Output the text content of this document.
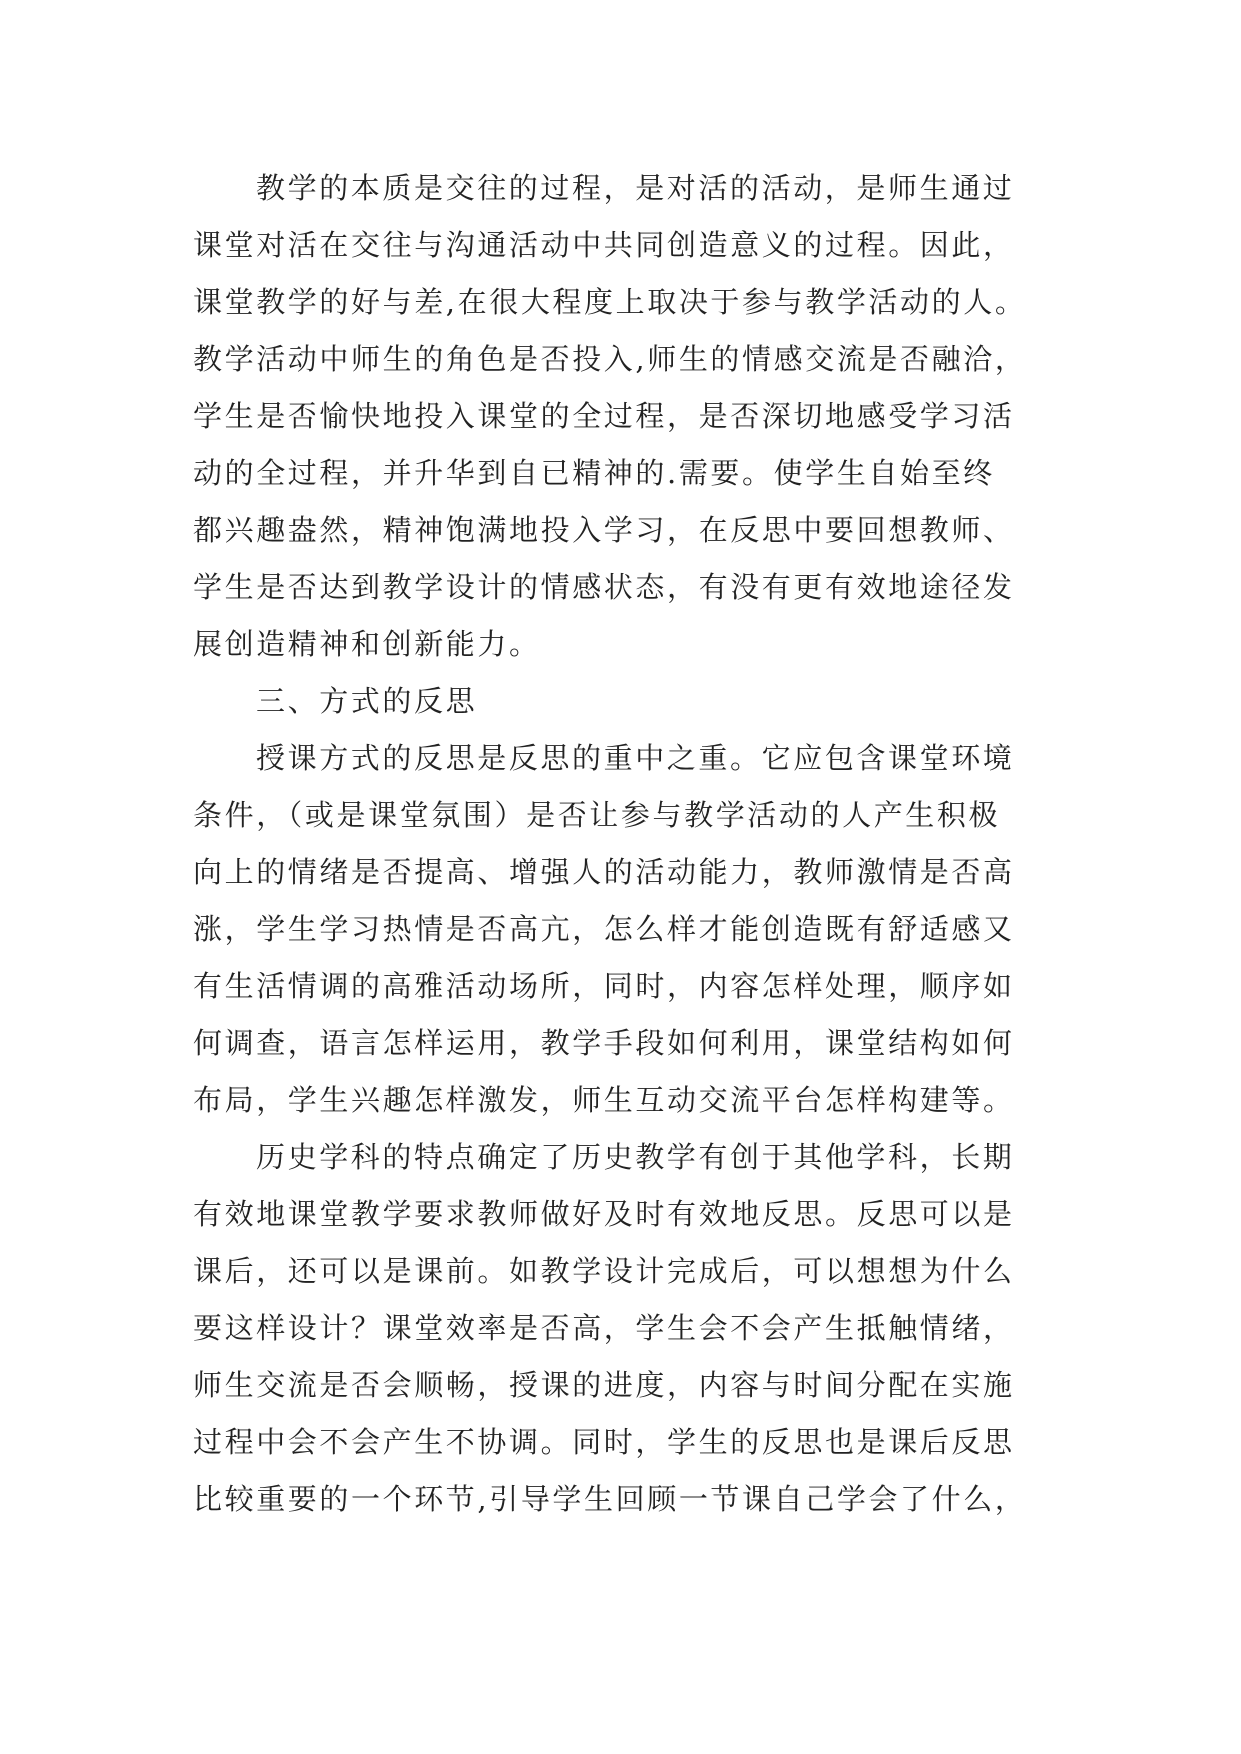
教学的本质是交往的过程，是对活的活动，是师生通过
课堂对活在交往与沟通活动中共同创造意义的过程。因此，
课堂教学的好与差,在很大程度上取决于参与教学活动的人。
教学活动中师生的角色是否投入,师生的情感交流是否融洽，
学生是否愉快地投入课堂的全过程，是否深切地感受学习活
动的全过程，并升华到自已精神的.需要。使学生自始至终
都兴趣盎然，精神饱满地投入学习，在反思中要回想教师、
学生是否达到教学设计的情感状态，有没有更有效地途径发
展创造精神和创新能力。
三、方式的反思
授课方式的反思是反思的重中之重。它应包含课堂环境
条件，（或是课堂氛围）是否让参与教学活动的人产生积极
向上的情绪是否提高、增强人的活动能力，教师激情是否高
涨，学生学习热情是否高亢，怎么样才能创造既有舒适感又
有生活情调的高雅活动场所，同时，内容怎样处理，顺序如
何调查，语言怎样运用，教学手段如何利用，课堂结构如何
布局，学生兴趣怎样激发，师生互动交流平台怎样构建等。
历史学科的特点确定了历史教学有创于其他学科，长期
有效地课堂教学要求教师做好及时有效地反思。反思可以是
课后，还可以是课前。如教学设计完成后，可以想想为什么
要这样设计？课堂效率是否高，学生会不会产生抵触情绪，
师生交流是否会顺畅，授课的进度，内容与时间分配在实施
过程中会不会产生不协调。同时，学生的反思也是课后反思
比较重要的一个环节,引导学生回顾一节课自己学会了什么，
